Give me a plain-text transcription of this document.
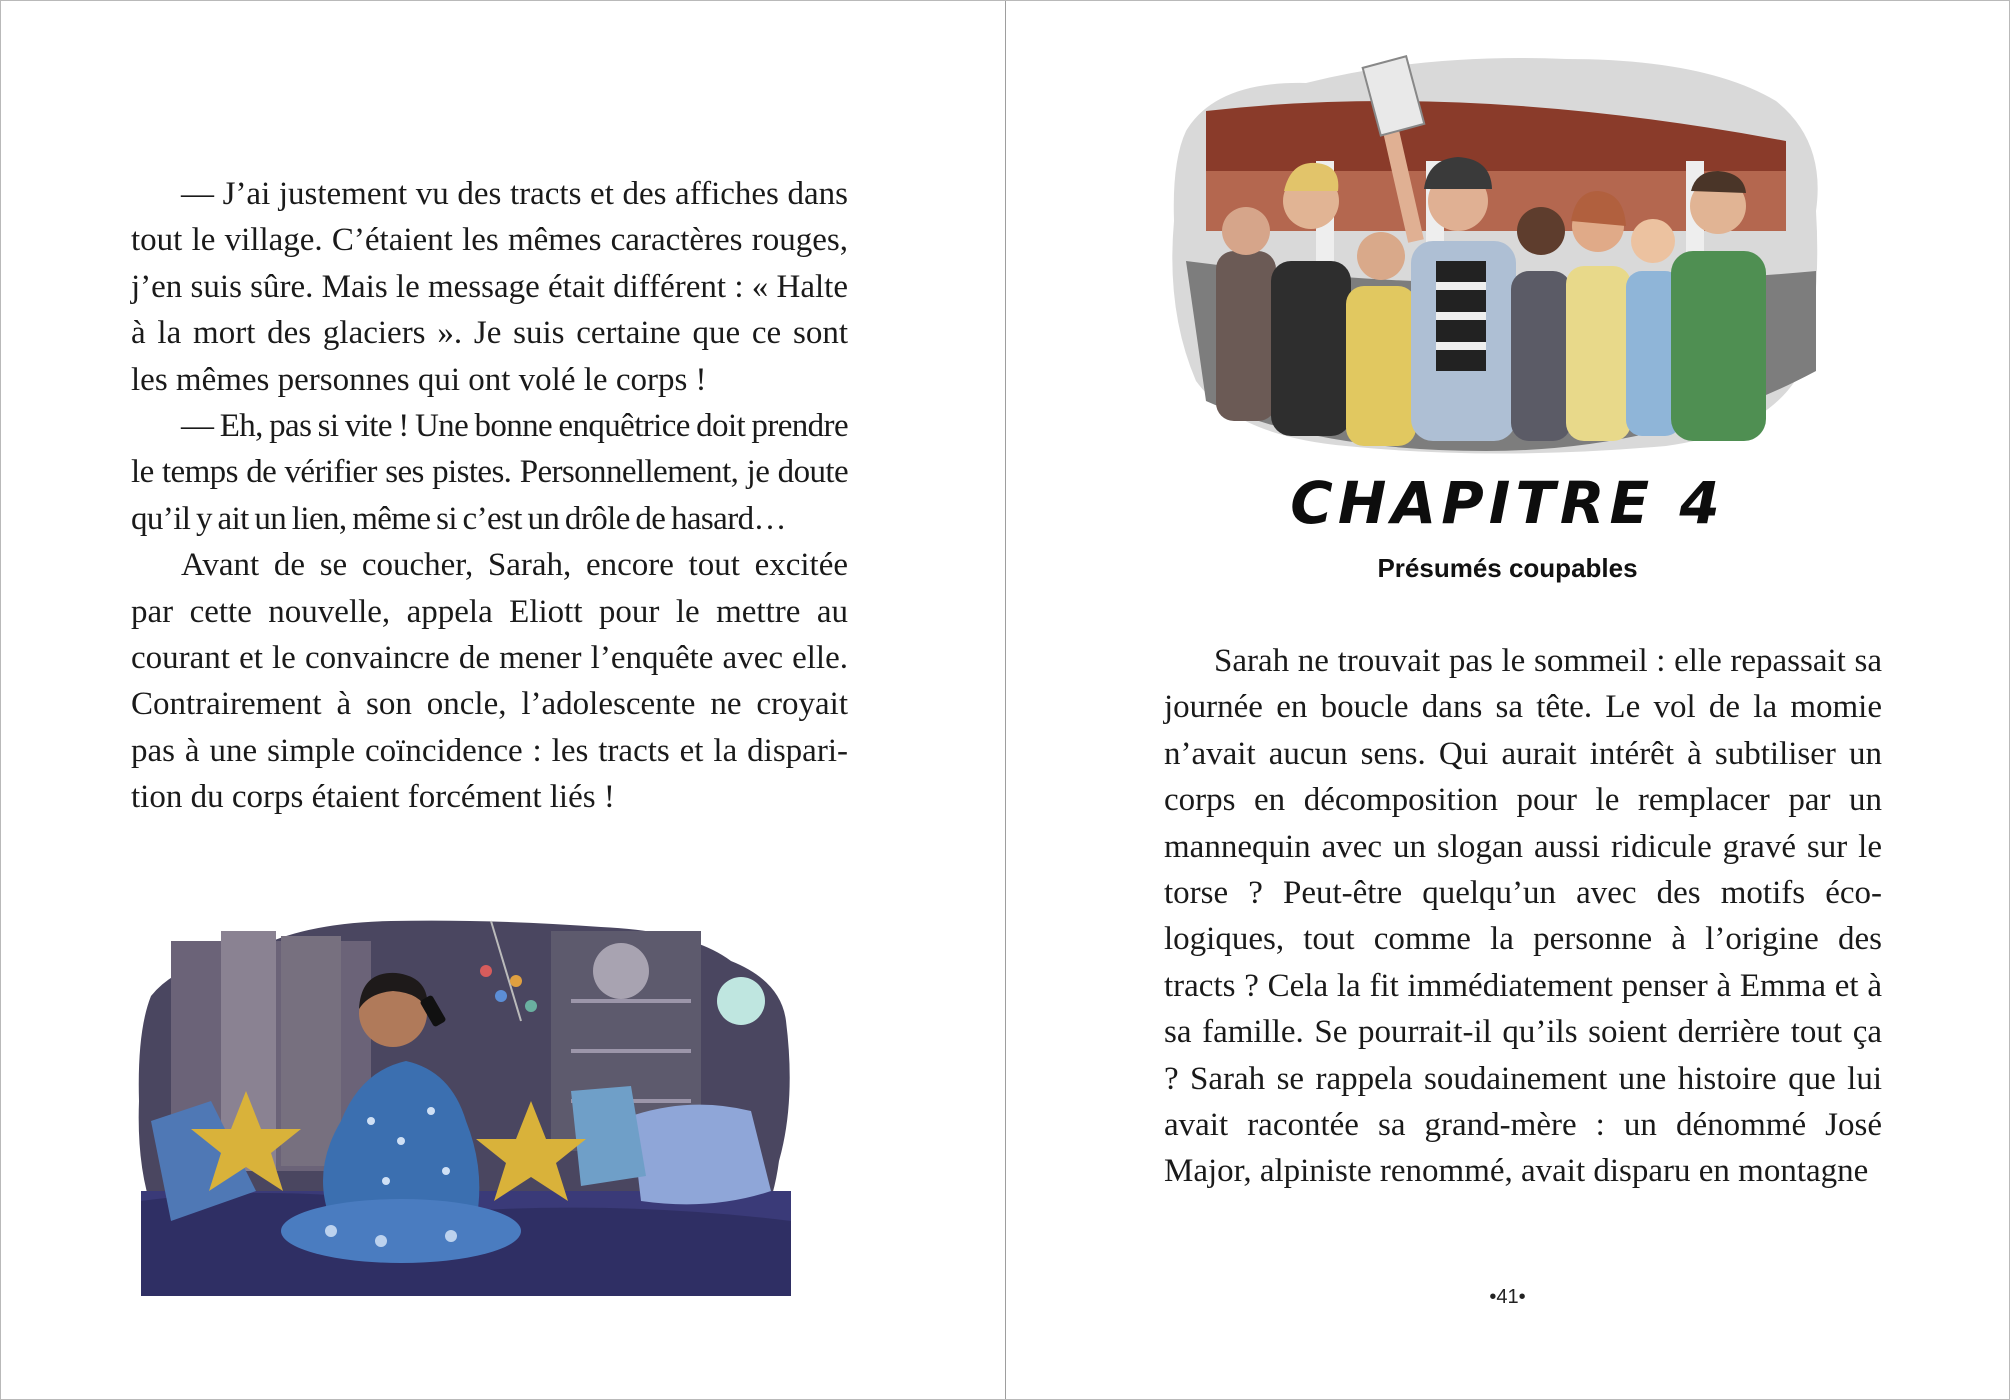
— J’ai justement vu des tracts et des affiches dans tout le village. C’étaient les mêmes caractères rouges, j’en suis sûre. Mais le message était différent : « Halte à la mort des glaciers ». Je suis certaine que ce sont les mêmes personnes qui ont volé le corps !

— Eh, pas si vite ! Une bonne enquêtrice doit prendre le temps de vérifier ses pistes. Personnellement, je doute qu’il y ait un lien, même si c’est un drôle de hasard…

Avant de se coucher, Sarah, encore tout excitée par cette nouvelle, appela Eliott pour le mettre au courant et le convaincre de mener l’enquête avec elle. Contrairement à son oncle, l’adolescente ne croyait pas à une simple coïncidence : les tracts et la disparition du corps étaient forcément liés !

CHAPITRE 4
Présumés coupables

Sarah ne trouvait pas le sommeil : elle repassait sa journée en boucle dans sa tête. Le vol de la momie n’avait aucun sens. Qui aurait intérêt à subtiliser un corps en décomposition pour le remplacer par un mannequin avec un slogan aussi ridicule gravé sur le torse ? Peut-être quelqu’un avec des motifs écologiques, tout comme la personne à l’origine des tracts ? Cela la fit immédiatement penser à Emma et à sa famille. Se pourrait-il qu’ils soient derrière tout ça ? Sarah se rappela soudainement une histoire que lui avait racontée sa grand-mère : un dénommé José Major, alpiniste renommé, avait disparu en montagne

•41•
